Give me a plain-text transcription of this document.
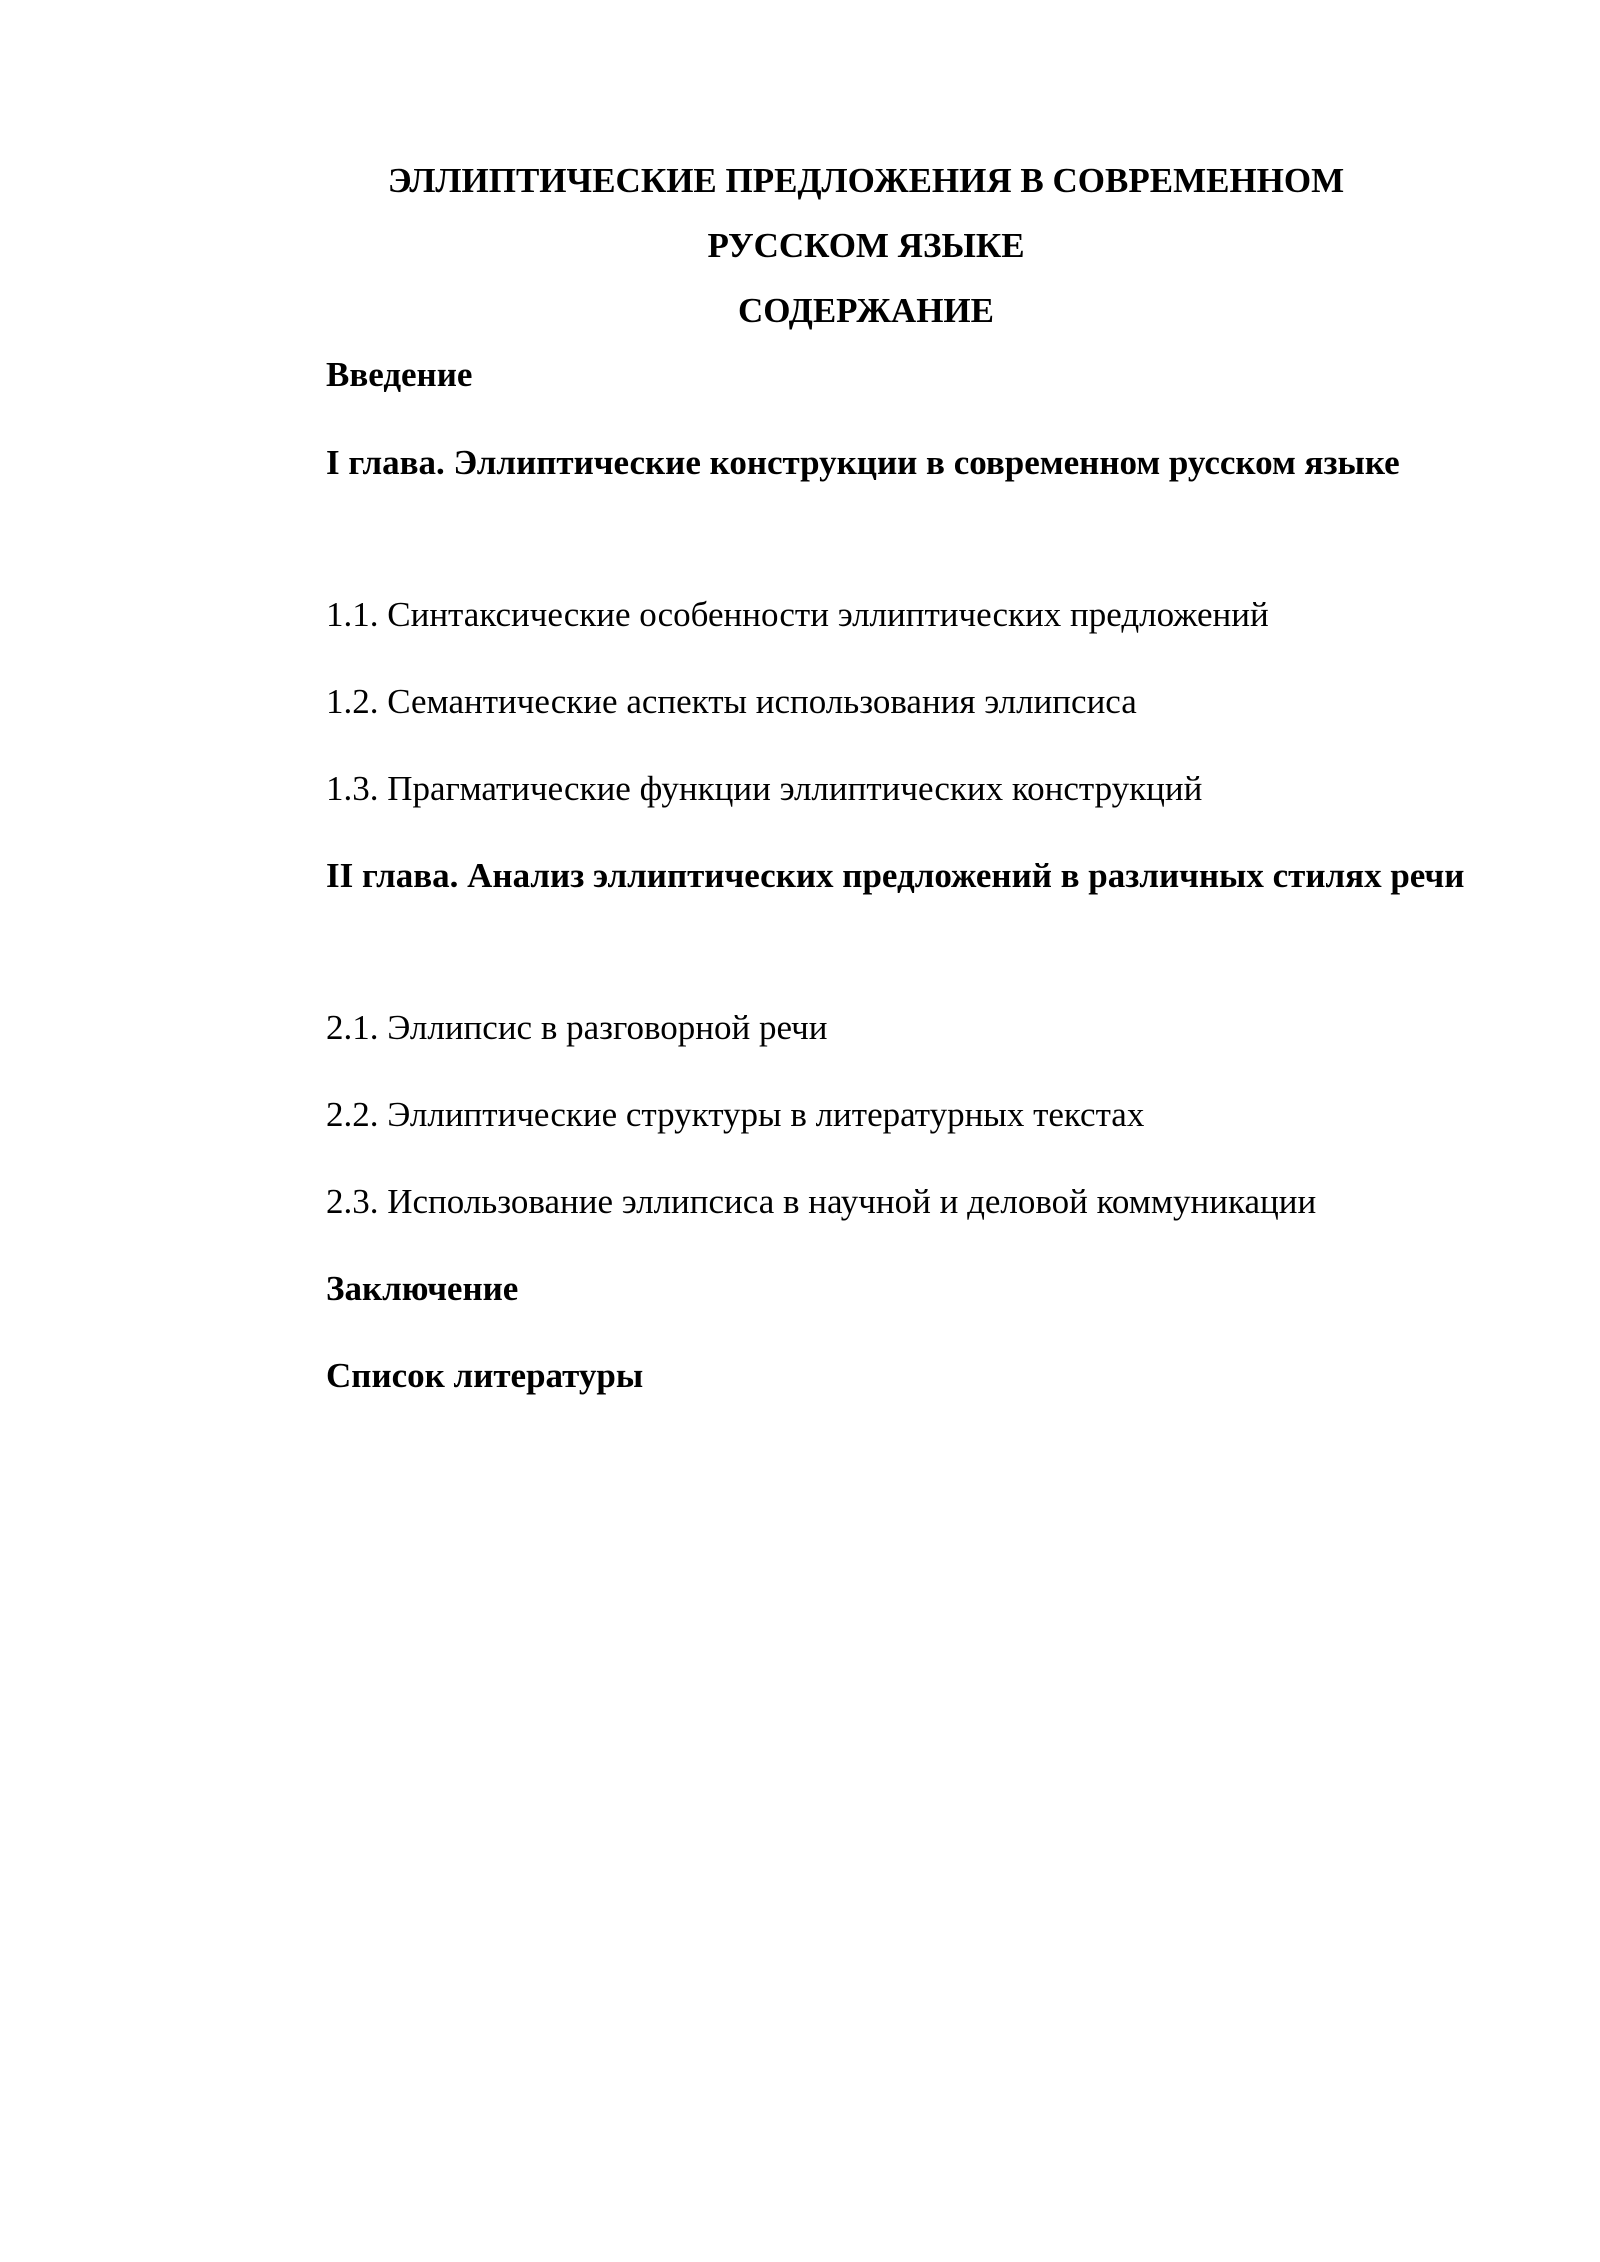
ЭЛЛИПТИЧЕСКИЕ ПРЕДЛОЖЕНИЯ В СОВРЕМЕННОМ
РУССКОМ ЯЗЫКЕ
СОДЕРЖАНИЕ

Введение

I глава. Эллиптические конструкции в современном русском языке

1.1. Синтаксические особенности эллиптических предложений

1.2. Семантические аспекты использования эллипсиса

1.3. Прагматические функции эллиптических конструкций

II глава. Анализ эллиптических предложений в различных стилях речи

2.1. Эллипсис в разговорной речи

2.2. Эллиптические структуры в литературных текстах

2.3. Использование эллипсиса в научной и деловой коммуникации

Заключение

Список литературы
